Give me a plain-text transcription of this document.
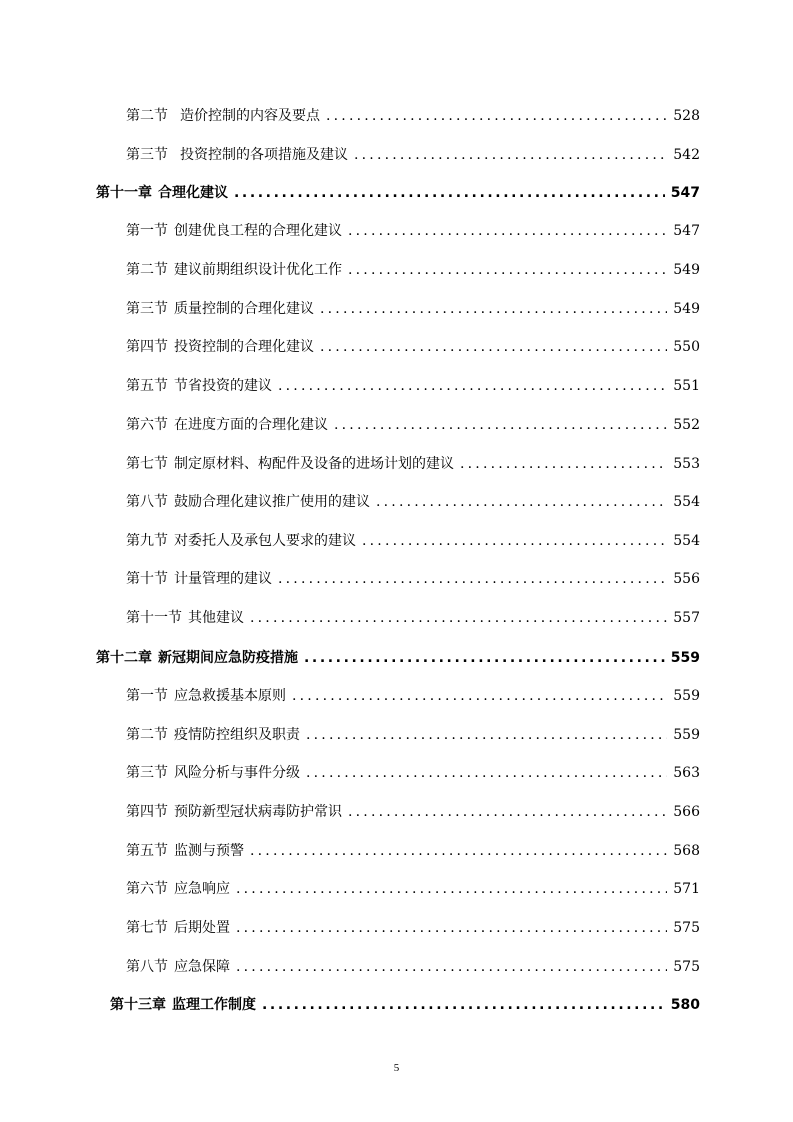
第二节 造价控制的内容及要点 .....	528
第三节 投资控制的各项措施及建议 .....	542
第十一章 合理化建议 .....	547
第一节 创建优良工程的合理化建议 .....	547
第二节 建议前期组织设计优化工作 .....	549
第三节 质量控制的合理化建议 .....	549
第四节 投资控制的合理化建议 .....	550
第五节 节省投资的建议 .....	551
第六节 在进度方面的合理化建议 .....	552
第七节 制定原材料、构配件及设备的进场计划的建议 .....	553
第八节 鼓励合理化建议推广使用的建议 .....	554
第九节 对委托人及承包人要求的建议 .....	554
第十节 计量管理的建议 .....	556
第十一节 其他建议 .....	557
第十二章 新冠期间应急防疫措施 .....	559
第一节 应急救援基本原则 .....	559
第二节 疫情防控组织及职责 .....	559
第三节 风险分析与事件分级 .....	563
第四节 预防新型冠状病毒防护常识 .....	566
第五节 监测与预警 .....	568
第六节 应急响应 .....	571
第七节 后期处置 .....	575
第八节 应急保障 .....	575
第十三章 监理工作制度 .....	580
5
